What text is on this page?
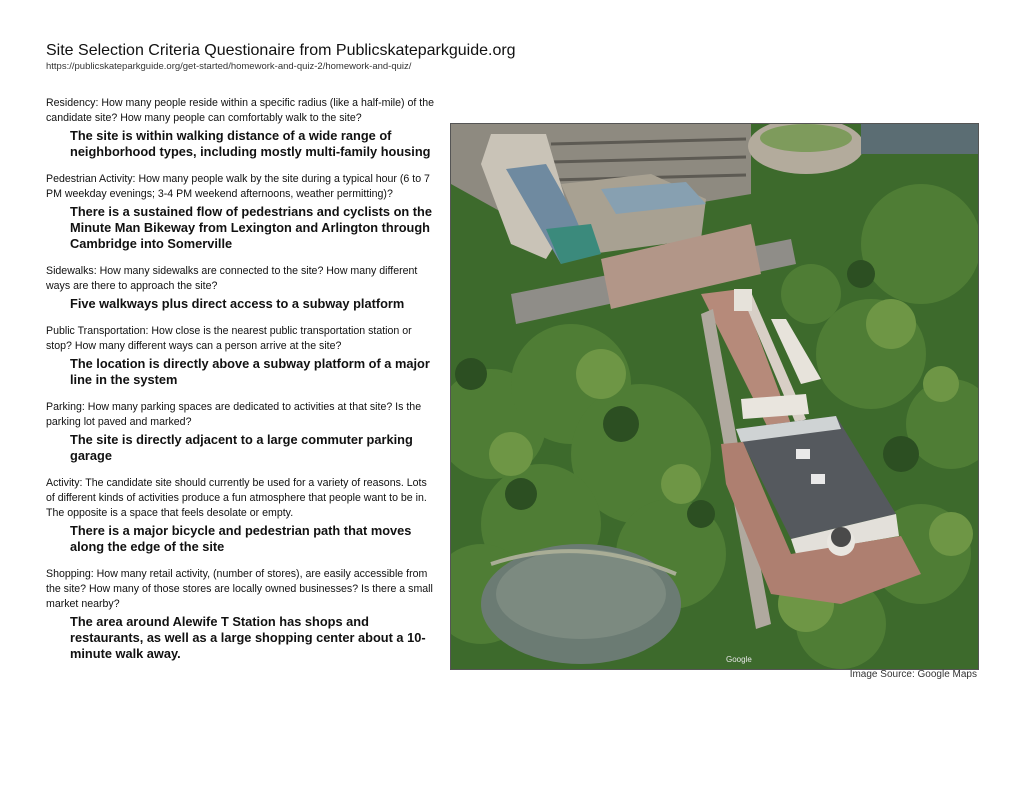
Site Selection Criteria Questionaire from Publicskateparkguide.org
https://publicskateparkguide.org/get-started/homework-and-quiz-2/homework-and-quiz/
Residency: How many people reside within a specific radius (like a half-mile) of the candidate site? How many people can comfortably walk to the site?
The site is within walking distance of a wide range of neighborhood types, including mostly multi-family housing
Pedestrian Activity: How many people walk by the site during a typical hour (6 to 7 PM weekday evenings; 3-4 PM weekend afternoons, weather permitting)?
There is a sustained flow of pedestrians and cyclists on the Minute Man Bikeway from Lexington and Arlington through Cambridge into Somerville
Sidewalks: How many sidewalks are connected to the site? How many different ways are there to approach the site?
Five walkways plus direct access to a subway platform
Public Transportation: How close is the nearest public transportation station or stop? How many different ways can a person arrive at the site?
The location is directly above a subway platform of a major line in the system
Parking: How many parking spaces are dedicated to activities at that site? Is the parking lot paved and marked?
The site is directly adjacent to a large commuter parking garage
Activity: The candidate site should currently be used for a variety of reasons. Lots of different kinds of activities produce a fun atmosphere that people want to be in. The opposite is a space that feels desolate or empty.
There is a major bicycle and pedestrian path that moves along the edge of the site
Shopping: How many retail activity, (number of stores), are easily accessible from the site? How many of those stores are locally owned businesses? Is there a small market nearby?
The area around Alewife T Station has shops and restaurants, as well as a large shopping center about a 10-minute walk away.	Google
Image Source: Google Maps
